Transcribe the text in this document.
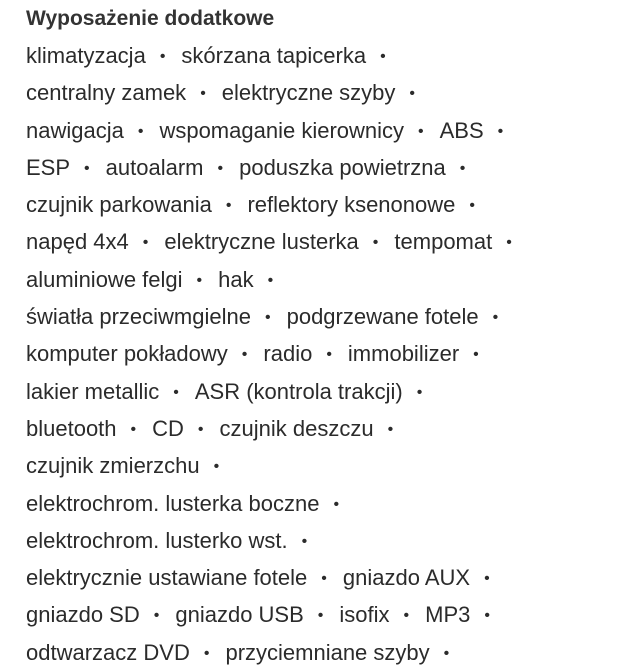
Wyposażenie dodatkowe
klimatyzacja • skórzana tapicerka •
centralny zamek • elektryczne szyby •
nawigacja • wspomaganie kierownicy • ABS •
ESP • autoalarm • poduszka powietrzna •
czujnik parkowania • reflektory ksenonowe •
napęd 4x4 • elektryczne lusterka • tempomat •
aluminiowe felgi • hak •
światła przeciwmgielne • podgrzewane fotele •
komputer pokładowy • radio • immobilizer •
lakier metallic • ASR (kontrola trakcji) •
bluetooth • CD • czujnik deszczu •
czujnik zmierzchu •
elektrochrom. lusterka boczne •
elektrochrom. lusterko wst. •
elektrycznie ustawiane fotele • gniazdo AUX •
gniazdo SD • gniazdo USB • isofix • MP3 •
odtwarzacz DVD • przyciemniane szyby •
